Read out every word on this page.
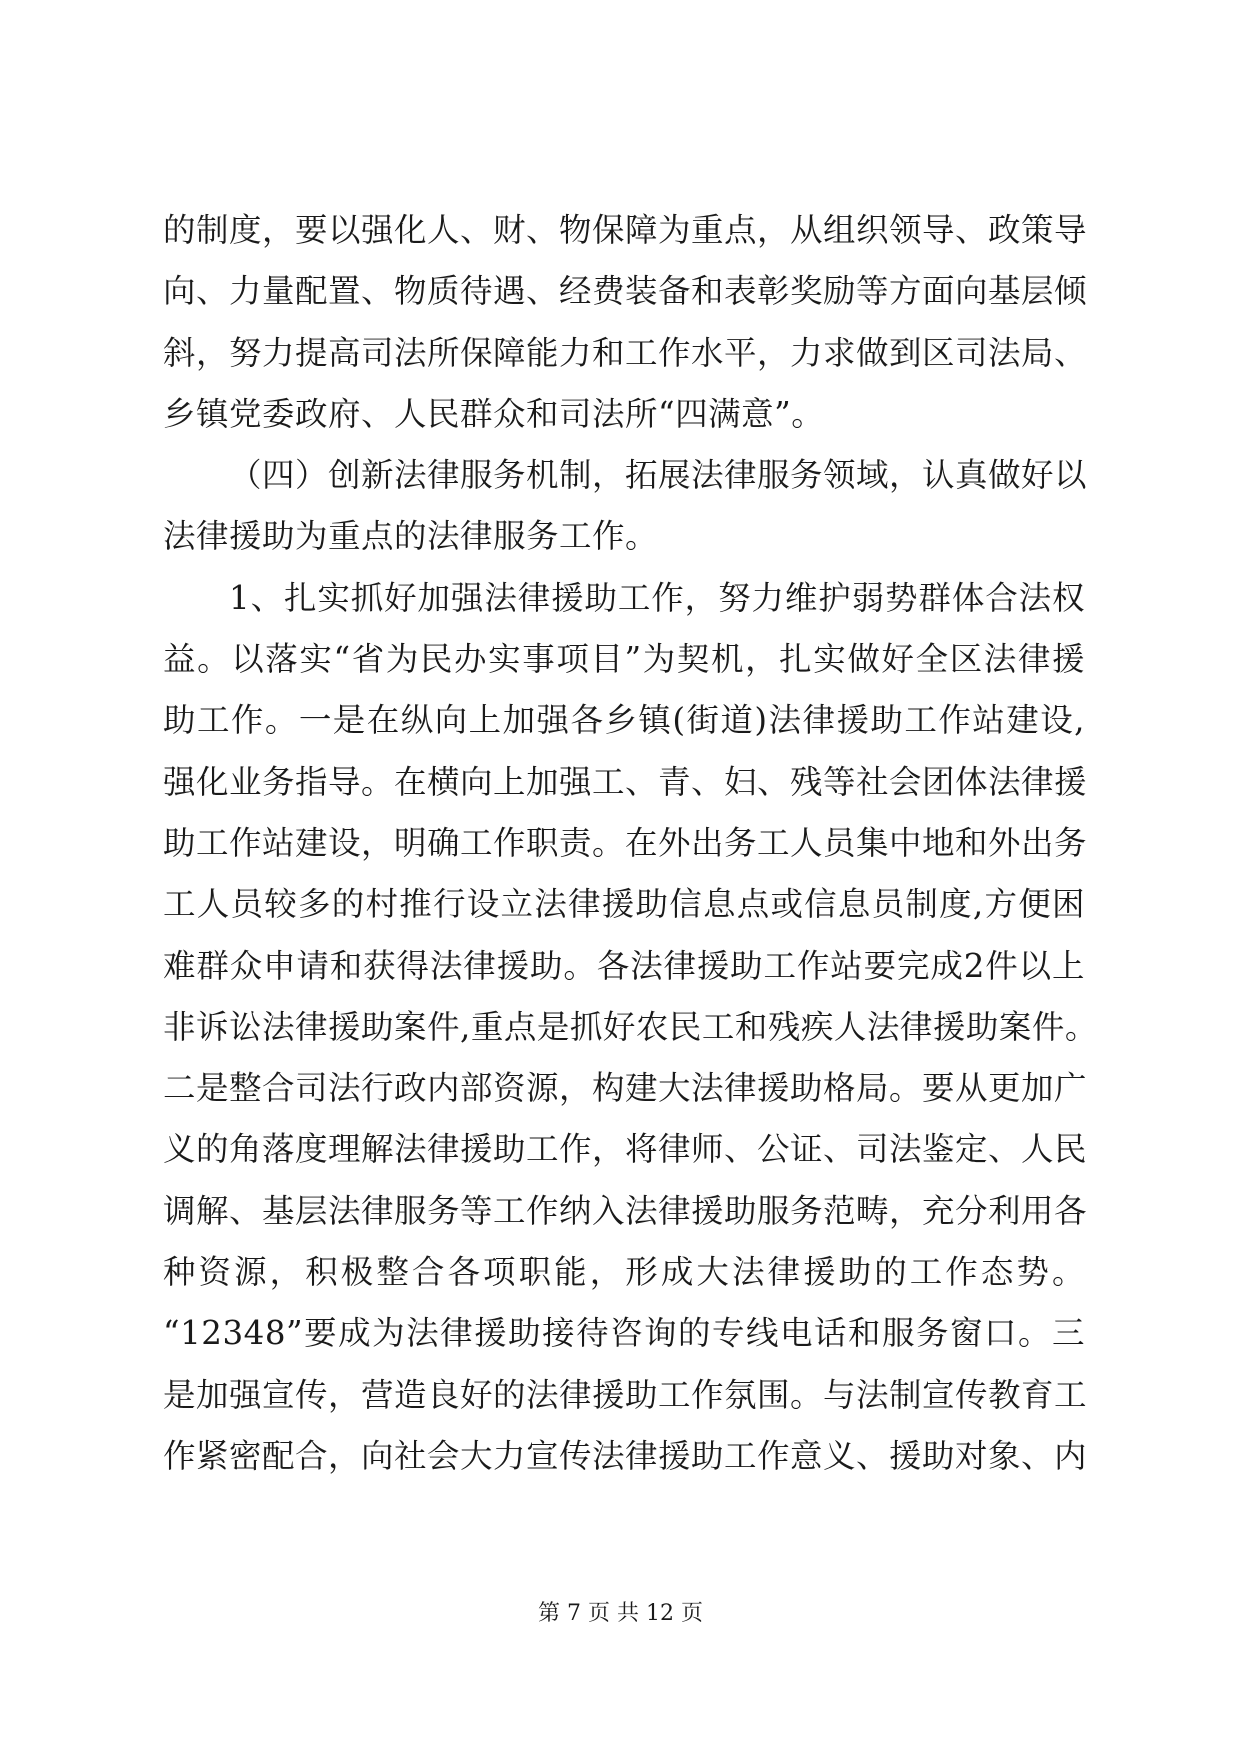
的制度，要以强化人、财、物保障为重点，从组织领导、政策导
向、力量配置、物质待遇、经费装备和表彰奖励等方面向基层倾
斜，努力提高司法所保障能力和工作水平，力求做到区司法局、
乡镇党委政府、人民群众和司法所“四满意”。
（四）创新法律服务机制，拓展法律服务领域，认真做好以
法律援助为重点的法律服务工作。
1、扎实抓好加强法律援助工作，努力维护弱势群体合法权
益。以落实“省为民办实事项目”为契机，扎实做好全区法律援
助工作。一是在纵向上加强各乡镇(街道)法律援助工作站建设,
强化业务指导。在横向上加强工、青、妇、残等社会团体法律援
助工作站建设，明确工作职责。在外出务工人员集中地和外出务
工人员较多的村推行设立法律援助信息点或信息员制度,方便困
难群众申请和获得法律援助。各法律援助工作站要完成2件以上
非诉讼法律援助案件,重点是抓好农民工和残疾人法律援助案件。
二是整合司法行政内部资源，构建大法律援助格局。要从更加广
义的角落度理解法律援助工作，将律师、公证、司法鉴定、人民
调解、基层法律服务等工作纳入法律援助服务范畴，充分利用各
种资源，积极整合各项职能，形成大法律援助的工作态势。
“12348”要成为法律援助接待咨询的专线电话和服务窗口。三
是加强宣传，营造良好的法律援助工作氛围。与法制宣传教育工
作紧密配合，向社会大力宣传法律援助工作意义、援助对象、内
第 7 页 共 12 页
